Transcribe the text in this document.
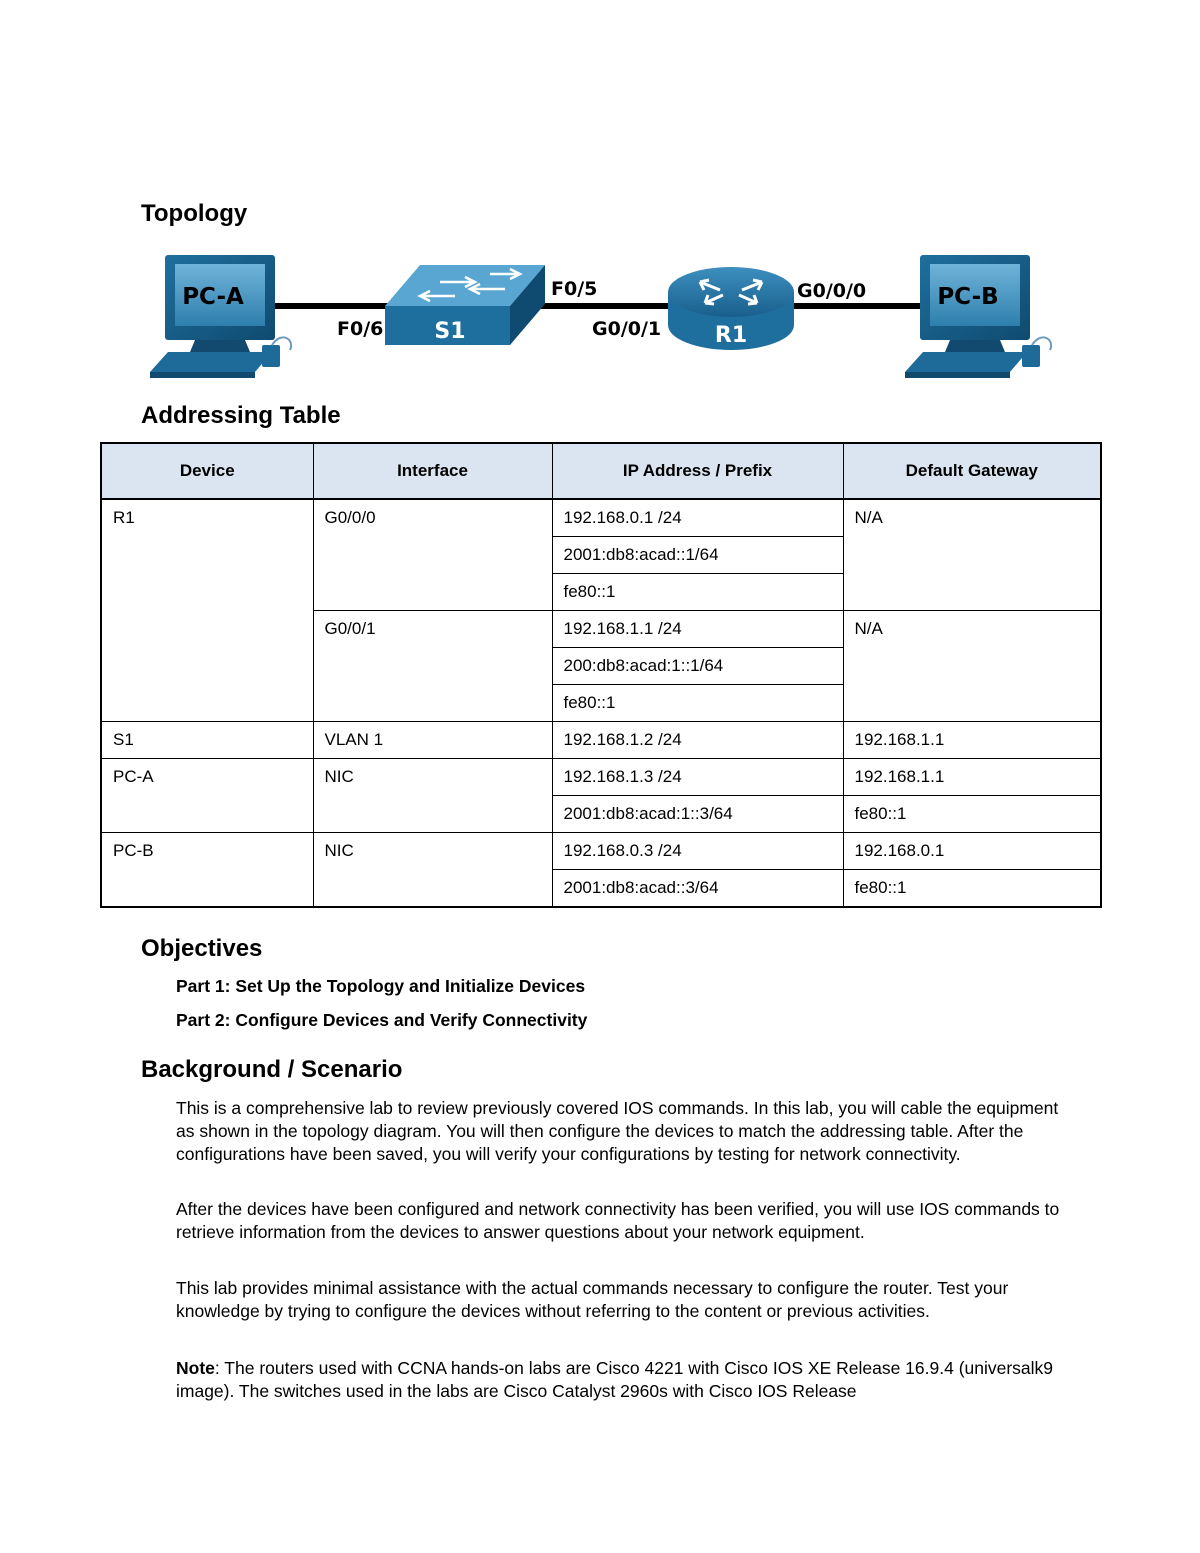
Topology
PC-A
S1	R1
PC-B
F0/6
F0/5
G0/0/1
G0/0/0
Addressing Table
Device	Interface	IP Address / Prefix	Default Gateway
R1	G0/0/0	192.168.0.1 /24	N/A
		2001:db8:acad::1/64	
		fe80::1	
	G0/0/1	192.168.1.1 /24	N/A
		200:db8:acad:1::1/64	
		fe80::1	
S1	VLAN 1	192.168.1.2 /24	192.168.1.1
PC-A	NIC	192.168.1.3 /24	192.168.1.1
		2001:db8:acad:1::3/64	fe80::1
PC-B	NIC	192.168.0.3 /24	192.168.0.1
		2001:db8:acad::3/64	fe80::1
Objectives

Part 1: Set Up the Topology and Initialize Devices

Part 2: Configure Devices and Verify Connectivity

Background / Scenario

This is a comprehensive lab to review previously covered IOS commands. In this lab, you will cable the equipment as shown in the topology diagram. You will then configure the devices to match the addressing table. After the configurations have been saved, you will verify your configurations by testing for network connectivity.

After the devices have been configured and network connectivity has been verified, you will use IOS commands to retrieve information from the devices to answer questions about your network equipment.

This lab provides minimal assistance with the actual commands necessary to configure the router. Test your knowledge by trying to configure the devices without referring to the content or previous activities.

Note: The routers used with CCNA hands-on labs are Cisco 4221 with Cisco IOS XE Release 16.9.4 (universalk9 image). The switches used in the labs are Cisco Catalyst 2960s with Cisco IOS Release
